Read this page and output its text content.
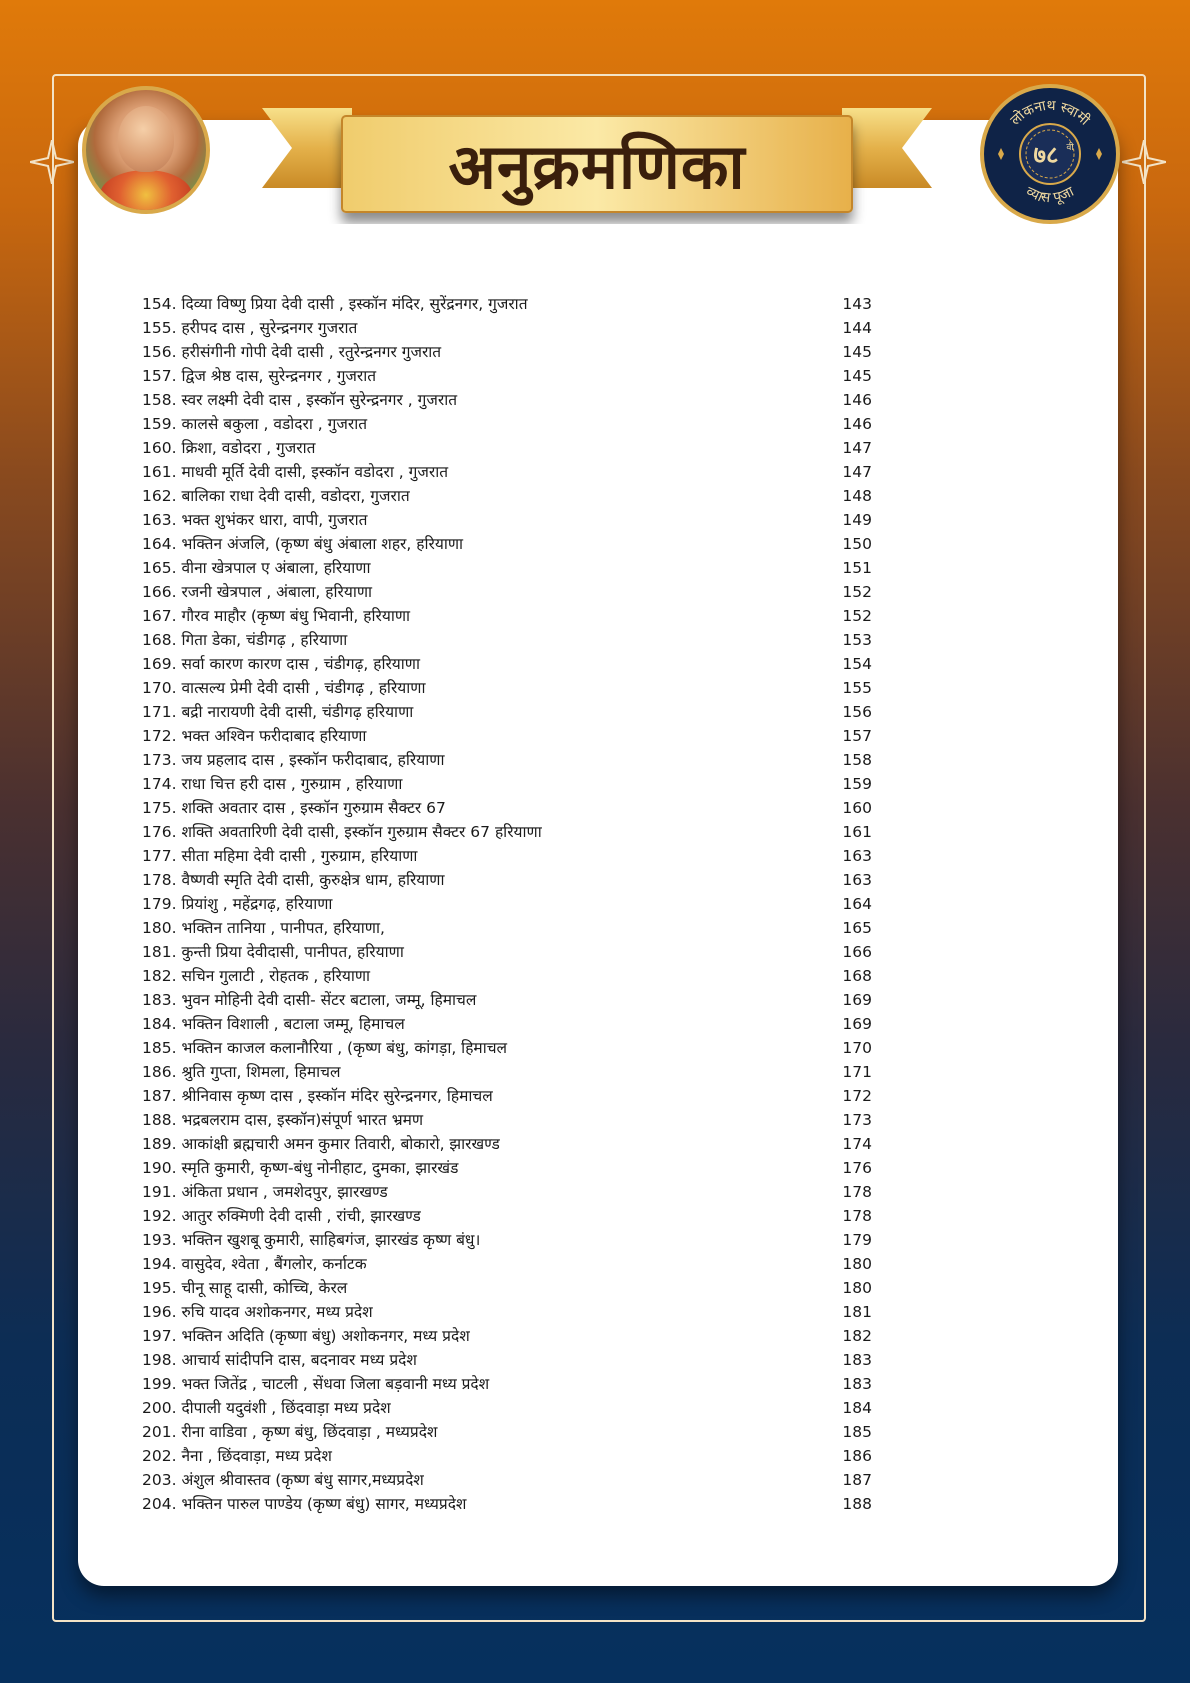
अनुक्रमणिका
लोकनाथ स्वामी
व्यास पूजा
७८ वी
154. दिव्या विष्णु प्रिया देवी दासी , इस्कॉन मंदिर, सुरेंद्रनगर, गुजरात	143
155. हरीपद दास , सुरेन्द्रनगर गुजरात	144
156. हरीसंगीनी गोपी देवी दासी , रतुरेन्द्रनगर गुजरात	145
157. द्विज श्रेष्ठ दास, सुरेन्द्रनगर , गुजरात	145
158. स्वर लक्ष्मी देवी दास , इस्कॉन सुरेन्द्रनगर , गुजरात	146
159. कालसे बकुला , वडोदरा , गुजरात	146
160. क्रिशा, वडोदरा , गुजरात	147
161. माधवी मूर्ति देवी दासी, इस्कॉन वडोदरा , गुजरात	147
162. बालिका राधा देवी दासी, वडोदरा, गुजरात	148
163. भक्त शुभंकर धारा, वापी, गुजरात	149
164. भक्तिन अंजलि, (कृष्ण बंधु अंबाला शहर, हरियाणा	150
165. वीना खेत्रपाल ए अंबाला, हरियाणा	151
166. रजनी खेत्रपाल , अंबाला, हरियाणा	152
167. गौरव माहौर (कृष्ण बंधु भिवानी, हरियाणा	152
168. गिता डेका, चंडीगढ़ , हरियाणा	153
169. सर्वा कारण कारण दास , चंडीगढ़, हरियाणा	154
170. वात्सल्य प्रेमी देवी दासी , चंडीगढ़ , हरियाणा	155
171. बद्री नारायणी देवी दासी, चंडीगढ़ हरियाणा	156
172. भक्त अश्विन फरीदाबाद हरियाणा	157
173. जय प्रहलाद दास , इस्कॉन फरीदाबाद, हरियाणा	158
174. राधा चित्त हरी दास , गुरुग्राम , हरियाणा	159
175. शक्ति अवतार दास , इस्कॉन गुरुग्राम सैक्टर 67	160
176. शक्ति अवतारिणी देवी दासी, इस्कॉन गुरुग्राम सैक्टर 67 हरियाणा	161
177. सीता महिमा देवी दासी , गुरुग्राम, हरियाणा	163
178. वैष्णवी स्मृति देवी दासी, कुरुक्षेत्र धाम, हरियाणा	163
179. प्रियांशु , महेंद्रगढ़, हरियाणा	164
180. भक्तिन तानिया , पानीपत, हरियाणा,	165
181. कुन्ती प्रिया देवीदासी, पानीपत, हरियाणा	166
182. सचिन गुलाटी , रोहतक , हरियाणा	168
183. भुवन मोहिनी देवी दासी- सेंटर बटाला, जम्मू, हिमाचल	169
184. भक्तिन विशाली , बटाला जम्मू, हिमाचल	169
185. भक्तिन काजल कलानौरिया , (कृष्ण बंधु, कांगड़ा, हिमाचल	170
186. श्रुति गुप्ता, शिमला, हिमाचल	171
187. श्रीनिवास कृष्ण दास , इस्कॉन मंदिर सुरेन्द्रनगर, हिमाचल	172
188. भद्रबलराम दास, इस्कॉन)संपूर्ण भारत भ्रमण	173
189. आकांक्षी ब्रह्मचारी अमन कुमार तिवारी, बोकारो, झारखण्ड	174
190. स्मृति कुमारी, कृष्ण-बंधु नोनीहाट, दुमका, झारखंड	176
191. अंकिता प्रधान , जमशेदपुर, झारखण्ड	178
192. आतुर रुक्मिणी देवी दासी , रांची, झारखण्ड	178
193. भक्तिन खुशबू कुमारी, साहिबगंज, झारखंड कृष्ण बंधु।	179
194. वासुदेव, श्वेता , बैंगलोर, कर्नाटक	180
195. चीनू साहू दासी, कोच्चि, केरल	180
196. रुचि यादव अशोकनगर, मध्य प्रदेश	181
197. भक्तिन अदिति (कृष्णा बंधु) अशोकनगर, मध्य प्रदेश	182
198. आचार्य सांदीपनि दास, बदनावर मध्य प्रदेश	183
199. भक्त जितेंद्र , चाटली , सेंधवा जिला बड़वानी मध्य प्रदेश	183
200. दीपाली यदुवंशी , छिंदवाड़ा मध्य प्रदेश	184
201. रीना वाडिवा , कृष्ण बंधु, छिंदवाड़ा , मध्यप्रदेश	185
202. नैना , छिंदवाड़ा, मध्य प्रदेश	186
203. अंशुल श्रीवास्तव (कृष्ण बंधु सागर,मध्यप्रदेश	187
204. भक्तिन पारुल पाण्डेय (कृष्ण बंधु) सागर, मध्यप्रदेश	188
